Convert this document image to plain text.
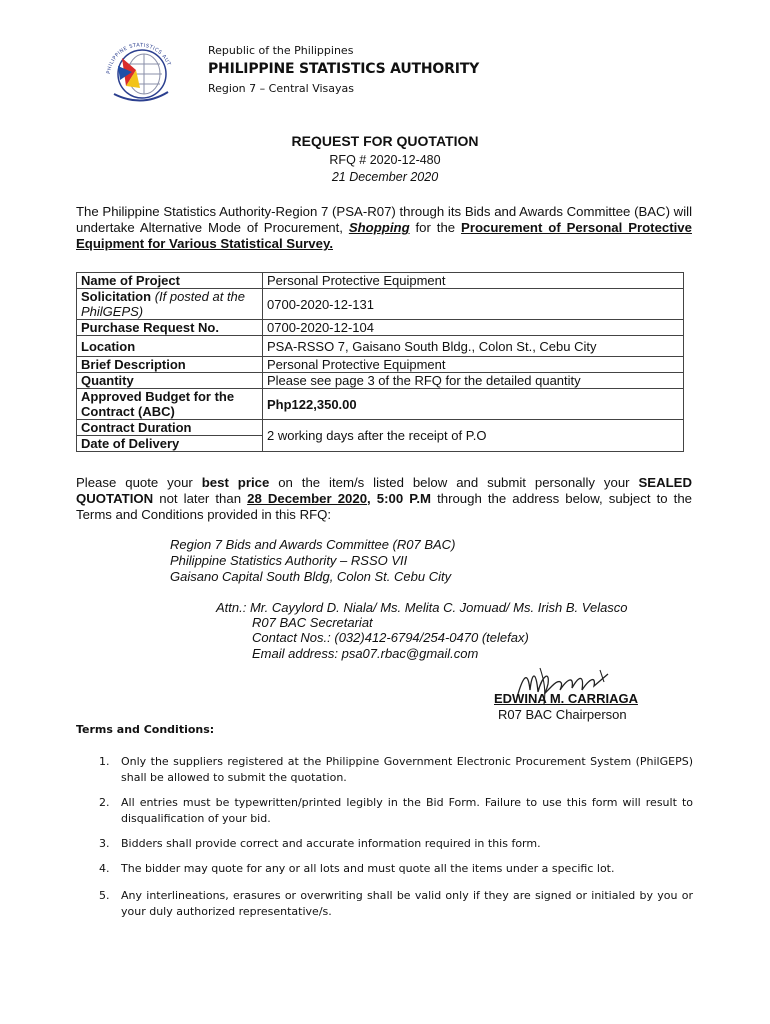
PHILIPPINE STATISTICS AUT
Republic of the Philippines
PHILIPPINE STATISTICS AUTHORITY
Region 7 – Central Visayas
REQUEST FOR QUOTATION
RFQ # 2020-12-480
21 December 2020
The Philippine Statistics Authority-Region 7 (PSA-R07) through its Bids and Awards Committee (BAC) will undertake Alternative Mode of Procurement, Shopping for the Procurement of Personal Protective Equipment for Various Statistical Survey.
Name of Project	Personal Protective Equipment
Solicitation (If posted at the PhilGEPS)	0700-2020-12-131
Purchase Request No.	0700-2020-12-104
Location	PSA-RSSO 7, Gaisano South Bldg., Colon St., Cebu City
Brief Description	Personal Protective Equipment
Quantity	Please see page 3 of the RFQ for the detailed quantity
Approved Budget for the Contract (ABC)	Php122,350.00
Contract Duration	2 working days after the receipt of P.O
Date of Delivery	
Please quote your best price on the item/s listed below and submit personally your SEALED QUOTATION not later than 28 December 2020, 5:00 P.M through the address below, subject to the Terms and Conditions provided in this RFQ:
Region 7 Bids and Awards Committee (R07 BAC)
Philippine Statistics Authority – RSSO VII
Gaisano Capital South Bldg, Colon St. Cebu City
Attn.: Mr. Cayylord D. Niala/ Ms. Melita C. Jomuad/ Ms. Irish B. Velasco
R07 BAC Secretariat
Contact Nos.: (032)412-6794/254-0470 (telefax)
Email address: psa07.rbac@gmail.com
EDWINA M. CARRIAGA
R07 BAC Chairperson
Terms and Conditions:
1. Only the suppliers registered at the Philippine Government Electronic Procurement System (PhilGEPS) shall be allowed to submit the quotation.
2. All entries must be typewritten/printed legibly in the Bid Form. Failure to use this form will result to disqualification of your bid.
3. Bidders shall provide correct and accurate information required in this form.
4. The bidder may quote for any or all lots and must quote all the items under a specific lot.
5. Any interlineations, erasures or overwriting shall be valid only if they are signed or initialed by you or your duly authorized representative/s.
